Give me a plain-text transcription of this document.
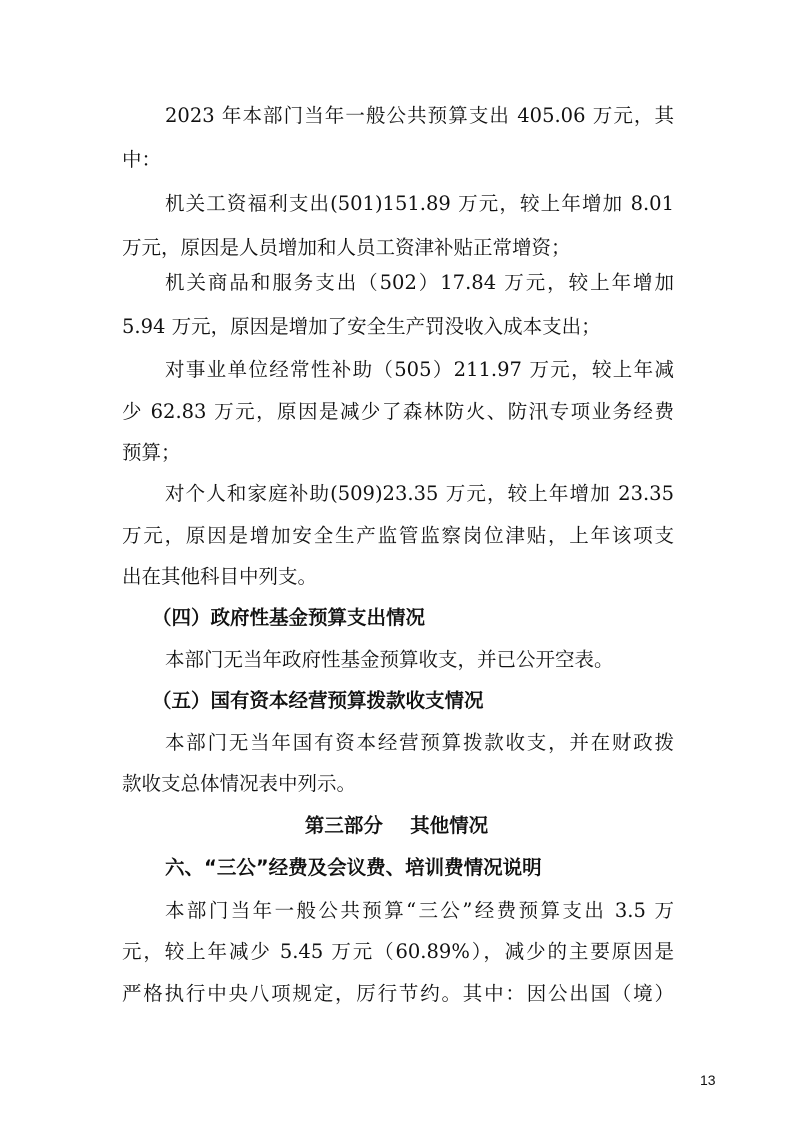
2023 年本部门当年一般公共预算支出 405.06 万元，其
中：
机关工资福利支出(501)151.89 万元，较上年增加 8.01
万元，原因是人员增加和人员工资津补贴正常增资；
机关商品和服务支出（502）17.84 万元，较上年增加
5.94 万元，原因是增加了安全生产罚没收入成本支出；
对事业单位经常性补助（505）211.97 万元，较上年减
少 62.83 万元，原因是减少了森林防火、防汛专项业务经费
预算；
对个人和家庭补助(509)23.35 万元，较上年增加 23.35
万元，原因是增加安全生产监管监察岗位津贴，上年该项支
出在其他科目中列支。
（四）政府性基金预算支出情况
本部门无当年政府性基金预算收支，并已公开空表。
（五）国有资本经营预算拨款收支情况
本部门无当年国有资本经营预算拨款收支，并在财政拨
款收支总体情况表中列示。
第三部分    其他情况
六、“三公”经费及会议费、培训费情况说明
本部门当年一般公共预算“三公”经费预算支出 3.5 万
元，较上年减少 5.45 万元（60.89%），减少的主要原因是
严格执行中央八项规定，厉行节约。其中：因公出国（境）
13
